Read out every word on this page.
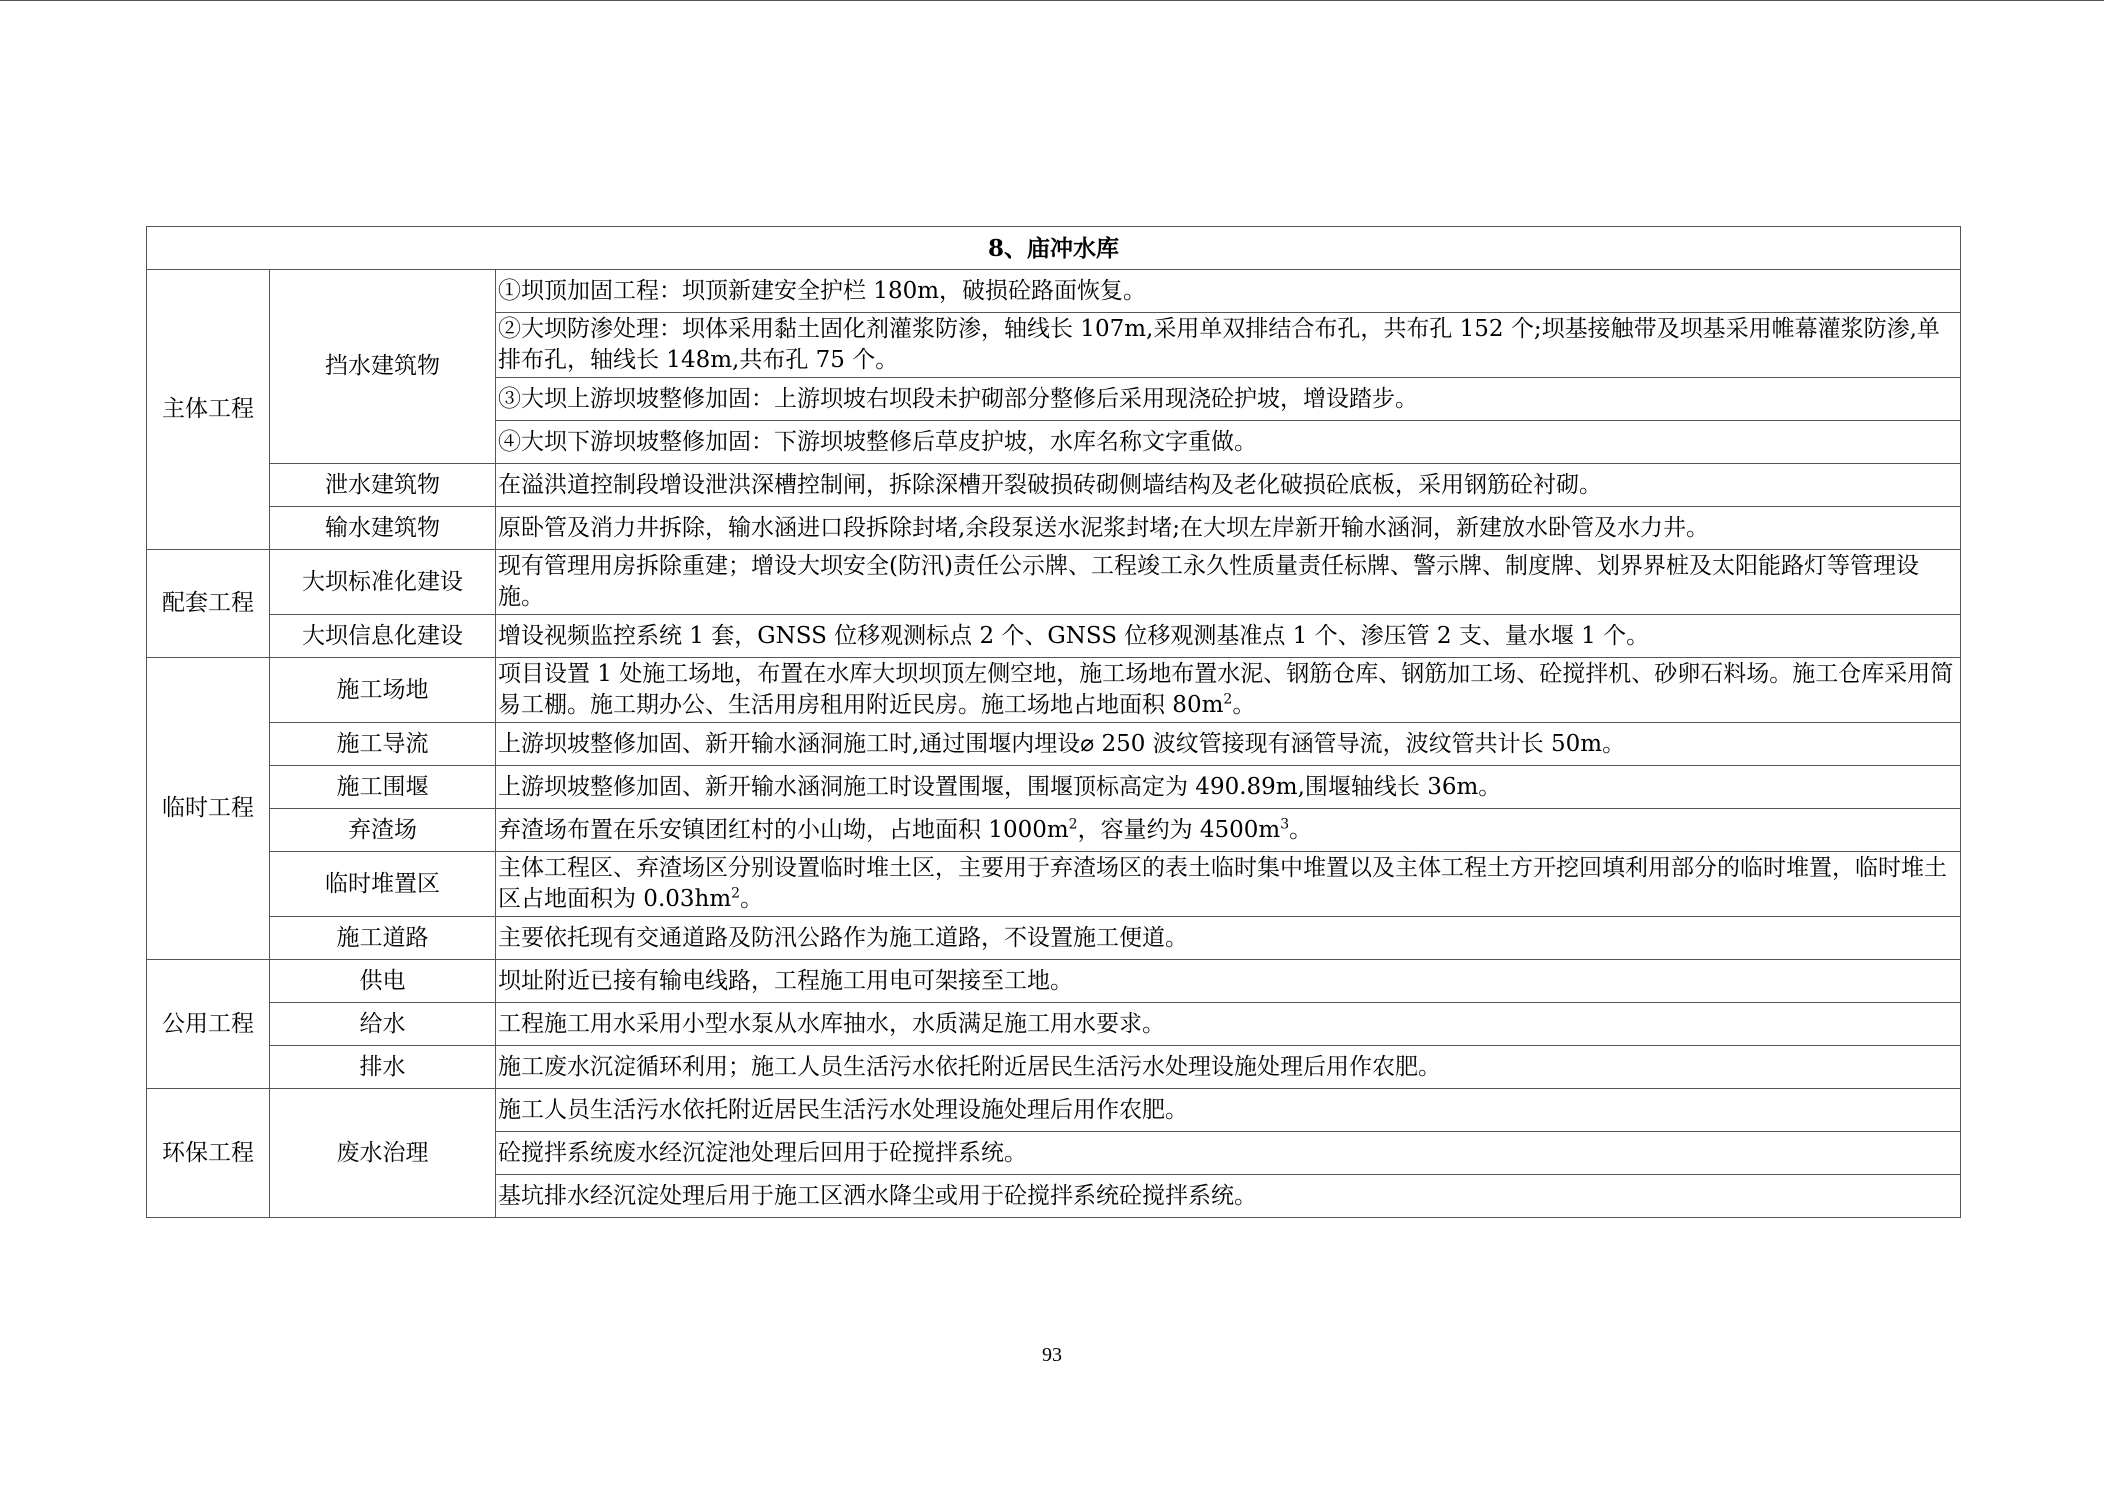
8、庙冲水库		
主体工程	挡水建筑物	①坝顶加固工程：坝顶新建安全护栏 180m，破损砼路面恢复。
		②大坝防渗处理：坝体采用黏土固化剂灌浆防渗，轴线长 107m,采用单双排结合布孔，共布孔 152 个;坝基接触带及坝基采用帷幕灌浆防渗,单排布孔，轴线长 148m,共布孔 75 个。
		③大坝上游坝坡整修加固：上游坝坡右坝段未护砌部分整修后采用现浇砼护坡，增设踏步。
		④大坝下游坝坡整修加固：下游坝坡整修后草皮护坡，水库名称文字重做。
	泄水建筑物	在溢洪道控制段增设泄洪深槽控制闸，拆除深槽开裂破损砖砌侧墙结构及老化破损砼底板，采用钢筋砼衬砌。
	输水建筑物	原卧管及消力井拆除，输水涵进口段拆除封堵,余段泵送水泥浆封堵;在大坝左岸新开输水涵洞，新建放水卧管及水力井。
配套工程	大坝标准化建设	现有管理用房拆除重建；增设大坝安全(防汛)责任公示牌、工程竣工永久性质量责任标牌、警示牌、制度牌、划界界桩及太阳能路灯等管理设施。
	大坝信息化建设	增设视频监控系统 1 套，GNSS 位移观测标点 2 个、GNSS 位移观测基准点 1 个、渗压管 2 支、量水堰 1 个。
临时工程	施工场地	项目设置 1 处施工场地，布置在水库大坝坝顶左侧空地，施工场地布置水泥、钢筋仓库、钢筋加工场、砼搅拌机、砂卵石料场。施工仓库采用简易工棚。施工期办公、生活用房租用附近民房。施工场地占地面积 $80m^2$。
	施工导流	上游坝坡整修加固、新开输水涵洞施工时,通过围堰内埋设⌀ 250 波纹管接现有涵管导流，波纹管共计长 50m。
	施工围堰	上游坝坡整修加固、新开输水涵洞施工时设置围堰，围堰顶标高定为 490.89m,围堰轴线长 36m。
	弃渣场	弃渣场布置在乐安镇团红村的小山坳，占地面积 $1000m^2$，容量约为 $4500m^3$。
	临时堆置区	主体工程区、弃渣场区分别设置临时堆土区，主要用于弃渣场区的表土临时集中堆置以及主体工程土方开挖回填利用部分的临时堆置，临时堆土区占地面积为 $0.03hm^2$。
	施工道路	主要依托现有交通道路及防汛公路作为施工道路，不设置施工便道。
公用工程	供电	坝址附近已接有输电线路，工程施工用电可架接至工地。
	给水	工程施工用水采用小型水泵从水库抽水，水质满足施工用水要求。
	排水	施工废水沉淀循环利用；施工人员生活污水依托附近居民生活污水处理设施处理后用作农肥。
环保工程	废水治理	施工人员生活污水依托附近居民生活污水处理设施处理后用作农肥。
		砼搅拌系统废水经沉淀池处理后回用于砼搅拌系统。
		基坑排水经沉淀处理后用于施工区洒水降尘或用于砼搅拌系统砼搅拌系统。
93
